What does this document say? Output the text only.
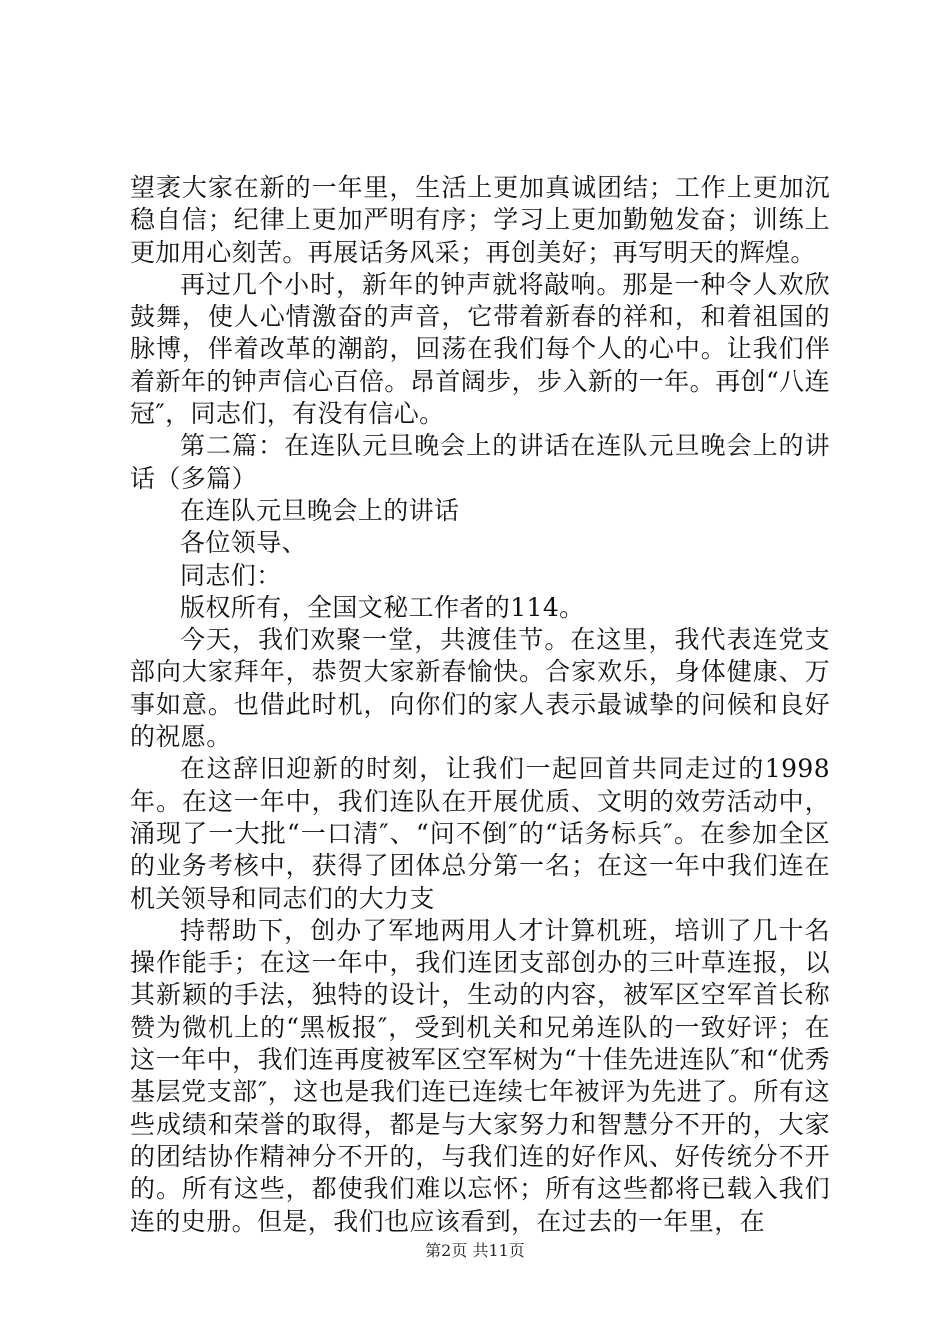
望袤大家在新的一年里，生活上更加真诚团结；工作上更加沉稳自信；纪律上更加严明有序；学习上更加勤勉发奋；训练上更加用心刻苦。再展话务风采；再创美好；再写明天的辉煌。

再过几个小时，新年的钟声就将敲响。那是一种令人欢欣鼓舞，使人心情激奋的声音，它带着新春的祥和，和着祖国的脉博，伴着改革的潮韵，回荡在我们每个人的心中。让我们伴着新年的钟声信心百倍。昂首阔步，步入新的一年。再创“八连冠″，同志们，有没有信心。

第二篇：在连队元旦晚会上的讲话在连队元旦晚会上的讲话（多篇）

在连队元旦晚会上的讲话

各位领导、

同志们：

版权所有，全国文秘工作者的114。

今天，我们欢聚一堂，共渡佳节。在这里，我代表连党支部向大家拜年，恭贺大家新春愉快。合家欢乐，身体健康、万事如意。也借此时机，向你们的家人表示最诚挚的问候和良好的祝愿。

在这辞旧迎新的时刻，让我们一起回首共同走过的1998年。在这一年中，我们连队在开展优质、文明的效劳活动中，涌现了一大批“一口清″、“问不倒″的“话务标兵″。在参加全区的业务考核中，获得了团体总分第一名；在这一年中我们连在机关领导和同志们的大力支

持帮助下，创办了军地两用人才计算机班，培训了几十名操作能手；在这一年中，我们连团支部创办的三叶草连报，以其新颖的手法，独特的设计，生动的内容，被军区空军首长称赞为微机上的“黑板报″，受到机关和兄弟连队的一致好评；在这一年中，我们连再度被军区空军树为“十佳先进连队″和“优秀基层党支部″，这也是我们连已连续七年被评为先进了。所有这些成绩和荣誉的取得，都是与大家努力和智慧分不开的，大家的团结协作精神分不开的，与我们连的好作风、好传统分不开的。所有这些，都使我们难以忘怀；所有这些都将已载入我们连的史册。但是，我们也应该看到，在过去的一年里，在

第2页 共11页
